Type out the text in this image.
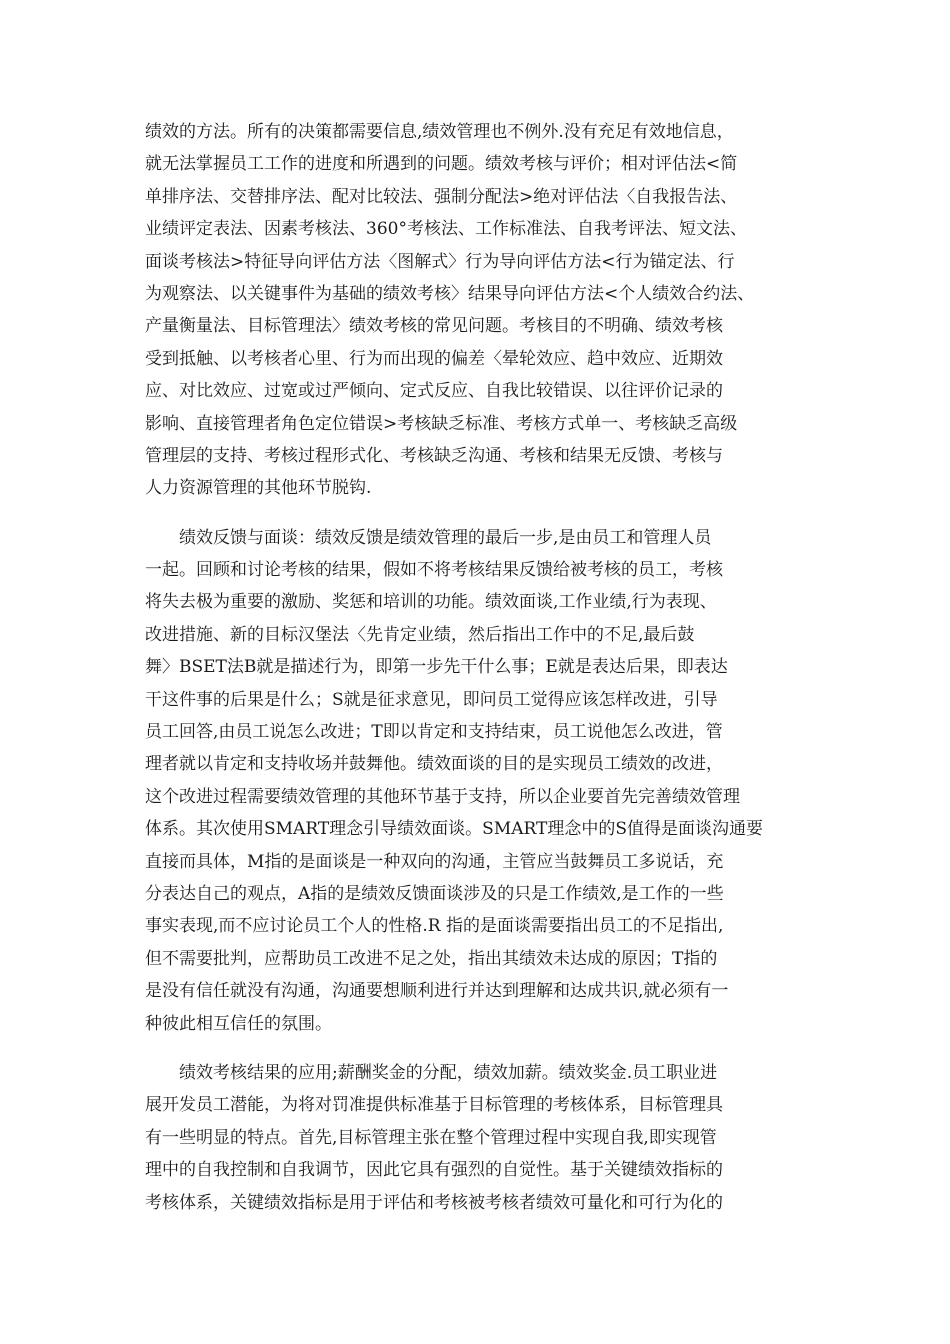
绩效的方法。所有的决策都需要信息,绩效管理也不例外.没有充足有效地信息，
就无法掌握员工工作的进度和所遇到的问题。绩效考核与评价；相对评估法<简
单排序法、交替排序法、配对比较法、强制分配法>绝对评估法〈自我报告法、
业绩评定表法、因素考核法、360°考核法、工作标准法、自我考评法、短文法、
面谈考核法>特征导向评估方法〈图解式〉行为导向评估方法<行为锚定法、行
为观察法、以关键事件为基础的绩效考核〉结果导向评估方法<个人绩效合约法、
产量衡量法、目标管理法〉绩效考核的常见问题。考核目的不明确、绩效考核
受到抵触、以考核者心里、行为而出现的偏差〈晕轮效应、趋中效应、近期效
应、对比效应、过宽或过严倾向、定式反应、自我比较错误、以往评价记录的
影响、直接管理者角色定位错误>考核缺乏标准、考核方式单一、考核缺乏高级
管理层的支持、考核过程形式化、考核缺乏沟通、考核和结果无反馈、考核与
人力资源管理的其他环节脱钩.
绩效反馈与面谈：绩效反馈是绩效管理的最后一步,是由员工和管理人员
一起。回顾和讨论考核的结果，假如不将考核结果反馈给被考核的员工，考核
将失去极为重要的激励、奖惩和培训的功能。绩效面谈,工作业绩,行为表现、
改进措施、新的目标汉堡法〈先肯定业绩，然后指出工作中的不足,最后鼓
舞〉BSET法B就是描述行为，即第一步先干什么事；E就是表达后果，即表达
干这件事的后果是什么；S就是征求意见，即问员工觉得应该怎样改进，引导
员工回答,由员工说怎么改进；T即以肯定和支持结束，员工说他怎么改进，管
理者就以肯定和支持收场并鼓舞他。绩效面谈的目的是实现员工绩效的改进，
这个改进过程需要绩效管理的其他环节基于支持，所以企业要首先完善绩效管理
体系。其次使用SMART理念引导绩效面谈。SMART理念中的S值得是面谈沟通要
直接而具体，M指的是面谈是一种双向的沟通，主管应当鼓舞员工多说话，充
分表达自己的观点，A指的是绩效反馈面谈涉及的只是工作绩效,是工作的一些
事实表现,而不应讨论员工个人的性格.R 指的是面谈需要指出员工的不足指出,
但不需要批判，应帮助员工改进不足之处，指出其绩效未达成的原因；T指的
是没有信任就没有沟通，沟通要想顺利进行并达到理解和达成共识,就必须有一
种彼此相互信任的氛围。
绩效考核结果的应用;薪酬奖金的分配，绩效加薪。绩效奖金.员工职业进
展开发员工潜能，为将对罚准提供标准基于目标管理的考核体系，目标管理具
有一些明显的特点。首先,目标管理主张在整个管理过程中实现自我,即实现管
理中的自我控制和自我调节，因此它具有强烈的自觉性。基于关键绩效指标的
考核体系，关键绩效指标是用于评估和考核被考核者绩效可量化和可行为化的
